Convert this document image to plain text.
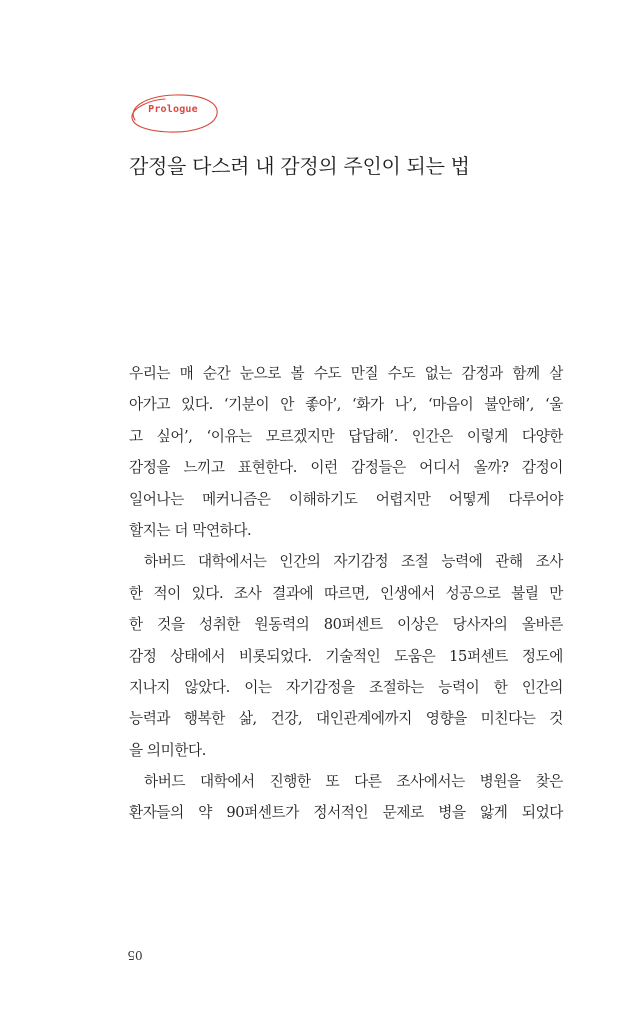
Prologue
감정을 다스려 내 감정의 주인이 되는 법
우리는 매 순간 눈으로 볼 수도 만질 수도 없는 감정과 함께 살
아가고 있다. ‘기분이 안 좋아’, ‘화가 나’, ‘마음이 불안해’, ‘울
고 싶어’, ‘이유는 모르겠지만 답답해’. 인간은 이렇게 다양한
감정을 느끼고 표현한다. 이런 감정들은 어디서 올까? 감정이
일어나는 메커니즘은 이해하기도 어렵지만 어떻게 다루어야
할지는 더 막연하다.
하버드 대학에서는 인간의 자기감정 조절 능력에 관해 조사
한 적이 있다. 조사 결과에 따르면, 인생에서 성공으로 불릴 만
한 것을 성취한 원동력의 80퍼센트 이상은 당사자의 올바른
감정 상태에서 비롯되었다. 기술적인 도움은 15퍼센트 정도에
지나지 않았다. 이는 자기감정을 조절하는 능력이 한 인간의
능력과 행복한 삶, 건강, 대인관계에까지 영향을 미친다는 것
을 의미한다.
하버드 대학에서 진행한 또 다른 조사에서는 병원을 찾은
환자들의 약 90퍼센트가 정서적인 문제로 병을 앓게 되었다
05
